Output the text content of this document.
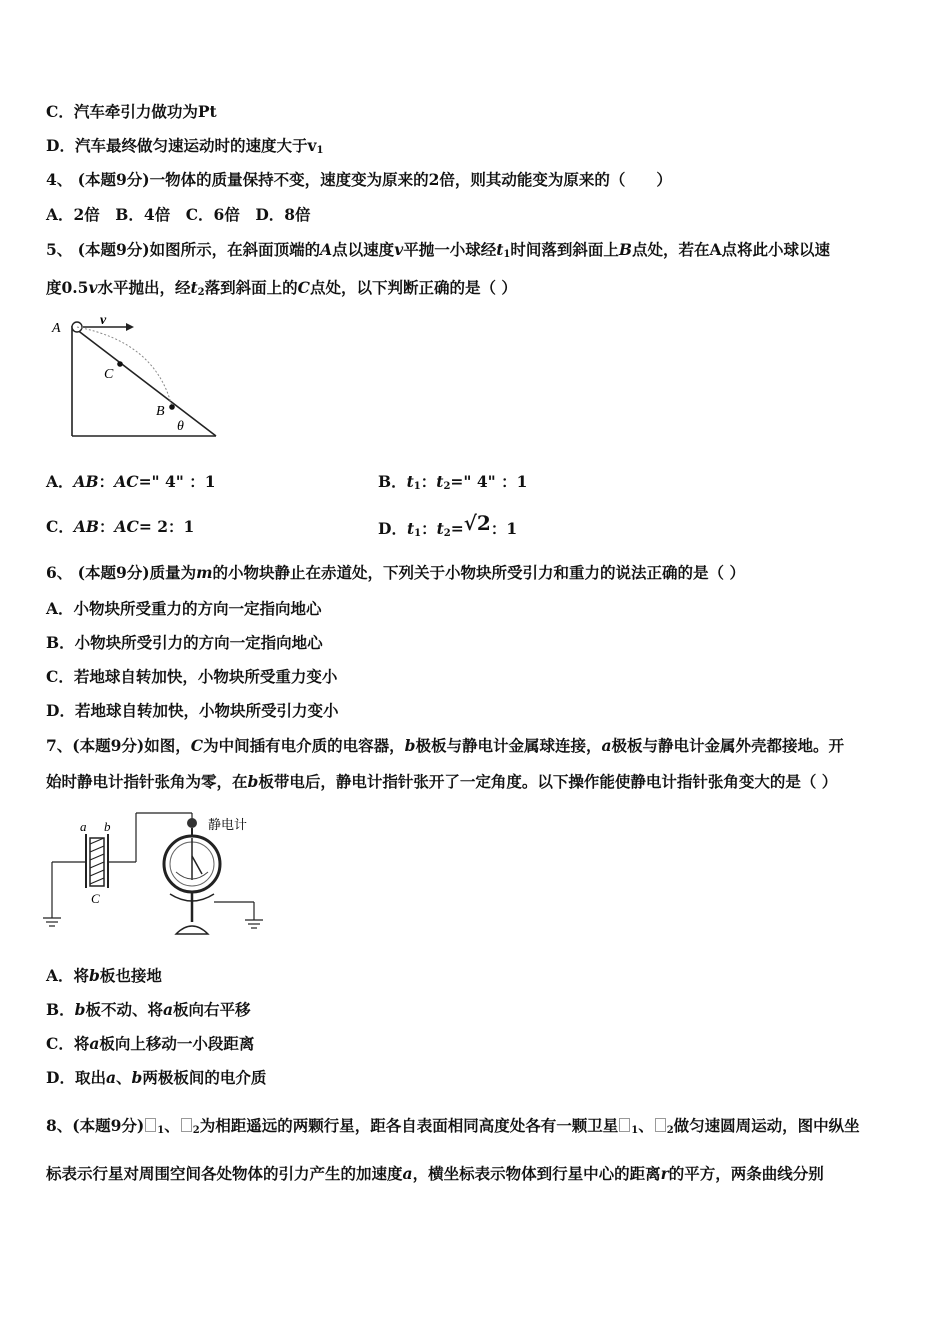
C．汽车牵引力做功为Pt
D．汽车最终做匀速运动时的速度大于$v_1$
4、 (本题9分)一物体的质量保持不变，速度变为原来的2倍，则其动能变为原来的（　　）
A．2倍　B．4倍　C．6倍　D．8倍
5、 (本题9分)如图所示，在斜面顶端的A点以速度v平抛一小球经$t_1$时间落到斜面上B点处，若在A点将此小球以速
度0.5v水平抛出，经$t_2$落到斜面上的C点处，以下判断正确的是（ ）
A
v
C
B
θ
A．AB：AC=" 4" ：1	B．$t_1$：$t_2=$" 4" ：1
C．AB：AC= 2：1	D．$t_1$：$t_2=√2$：1
6、 (本题9分)质量为m的小物块静止在赤道处，下列关于小物块所受引力和重力的说法正确的是（ ）
A．小物块所受重力的方向一定指向地心
B．小物块所受引力的方向一定指向地心
C．若地球自转加快，小物块所受重力变小
D．若地球自转加快，小物块所受引力变小
7、(本题9分)如图，C为中间插有电介质的电容器，b极板与静电计金属球连接，a极板与静电计金属外壳都接地。开
始时静电计指针张角为零，在b板带电后，静电计指针张开了一定角度。以下操作能使静电计指针张角变大的是（ ）
a b
C
静电计
A．将b板也接地
B．b板不动、将a板向右平移
C．将a板向上移动一小段距离
D．取出a、b两极板间的电介质
8、(本题9分) $_1$、 $_2$为相距遥远的两颗行星，距各自表面相同高度处各有一颗卫星 $_1$、 $_2$做匀速圆周运动，图中纵坐
标表示行星对周围空间各处物体的引力产生的加速度a，横坐标表示物体到行星中心的距离r的平方，两条曲线分别
